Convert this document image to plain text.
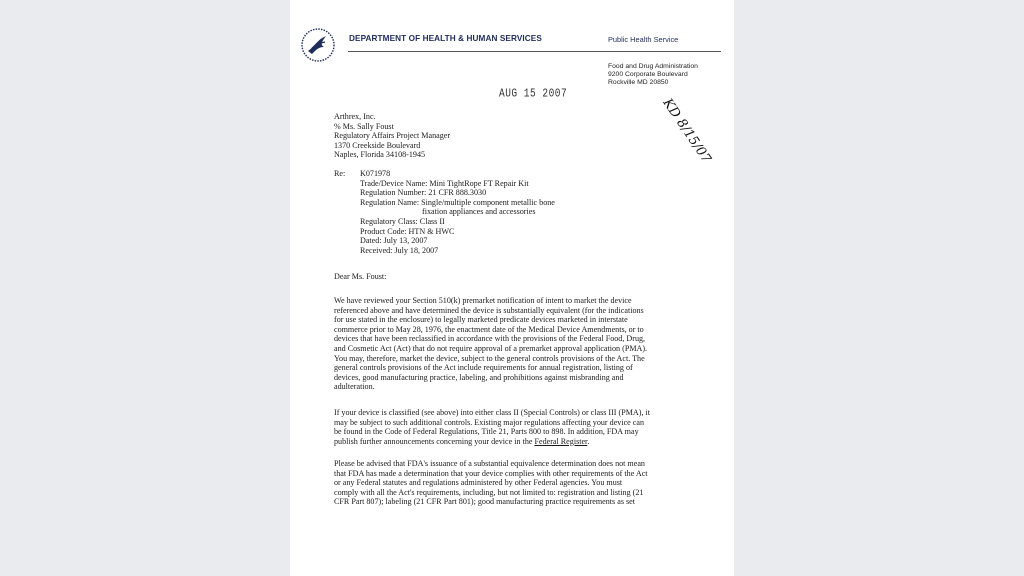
DEPARTMENT OF HEALTH & HUMAN SERVICES	Public Health Service
Food and Drug Administration
9200 Corporate Boulevard
Rockville MD 20850
AUG 15 2007
KD 8/15/07
Arthrex, Inc.
% Ms. Sally Foust
Regulatory Affairs Project Manager
1370 Creekside Boulevard
Naples, Florida 34108-1945
Re: K071978
Trade/Device Name: Mini TightRope FT Repair Kit
Regulation Number: 21 CFR 888.3030
Regulation Name: Single/multiple component metallic bone
fixation appliances and accessories
Regulatory Class: Class II
Product Code: HTN & HWC
Dated: July 13, 2007
Received: July 18, 2007
Dear Ms. Foust:
We have reviewed your Section 510(k) premarket notification of intent to market the device
referenced above and have determined the device is substantially equivalent (for the indications
for use stated in the enclosure) to legally marketed predicate devices marketed in interstate
commerce prior to May 28, 1976, the enactment date of the Medical Device Amendments, or to
devices that have been reclassified in accordance with the provisions of the Federal Food, Drug,
and Cosmetic Act (Act) that do not require approval of a premarket approval application (PMA).
You may, therefore, market the device, subject to the general controls provisions of the Act. The
general controls provisions of the Act include requirements for annual registration, listing of
devices, good manufacturing practice, labeling, and prohibitions against misbranding and
adulteration.
If your device is classified (see above) into either class II (Special Controls) or class III (PMA), it
may be subject to such additional controls. Existing major regulations affecting your device can
be found in the Code of Federal Regulations, Title 21, Parts 800 to 898. In addition, FDA may
publish further announcements concerning your device in the Federal Register.
Please be advised that FDA's issuance of a substantial equivalence determination does not mean
that FDA has made a determination that your device complies with other requirements of the Act
or any Federal statutes and regulations administered by other Federal agencies. You must
comply with all the Act's requirements, including, but not limited to: registration and listing (21
CFR Part 807); labeling (21 CFR Part 801); good manufacturing practice requirements as set
